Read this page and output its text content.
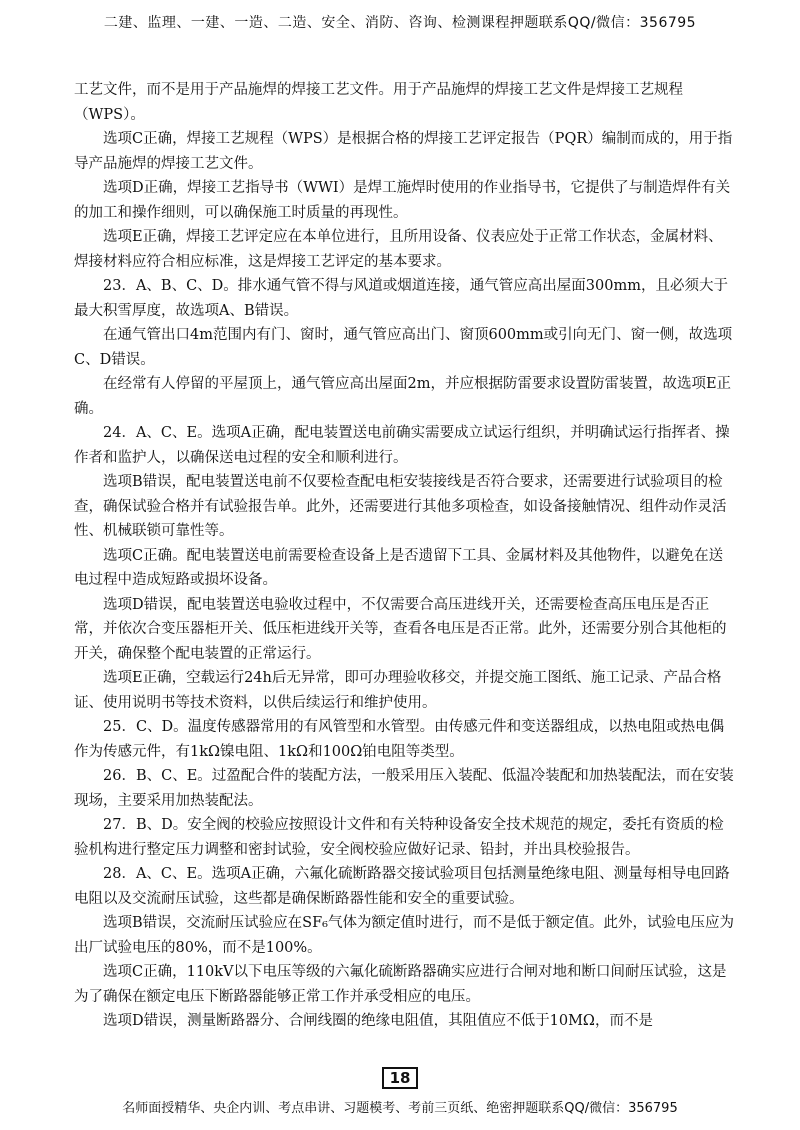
二建、监理、一建、一造、二造、安全、消防、咨询、检测课程押题联系QQ/微信：356795

工艺文件，而不是用于产品施焊的焊接工艺文件。用于产品施焊的焊接工艺文件是焊接工艺规程（WPS）。

选项C正确，焊接工艺规程（WPS）是根据合格的焊接工艺评定报告（PQR）编制而成的，用于指导产品施焊的焊接工艺文件。

选项D正确，焊接工艺指导书（WWI）是焊工施焊时使用的作业指导书，它提供了与制造焊件有关的加工和操作细则，可以确保施工时质量的再现性。

选项E正确，焊接工艺评定应在本单位进行，且所用设备、仪表应处于正常工作状态，金属材料、焊接材料应符合相应标准，这是焊接工艺评定的基本要求。

23．A、B、C、D。排水通气管不得与风道或烟道连接，通气管应高出屋面300mm，且必须大于最大积雪厚度，故选项A、B错误。

在通气管出口4m范围内有门、窗时，通气管应高出门、窗顶600mm或引向无门、窗一侧，故选项C、D错误。

在经常有人停留的平屋顶上，通气管应高出屋面2m，并应根据防雷要求设置防雷装置，故选项E正确。

24．A、C、E。选项A正确，配电装置送电前确实需要成立试运行组织，并明确试运行指挥者、操作者和监护人，以确保送电过程的安全和顺利进行。

选项B错误，配电装置送电前不仅要检查配电柜安装接线是否符合要求，还需要进行试验项目的检查，确保试验合格并有试验报告单。此外，还需要进行其他多项检查，如设备接触情况、组件动作灵活性、机械联锁可靠性等。

选项C正确。配电装置送电前需要检查设备上是否遗留下工具、金属材料及其他物件，以避免在送电过程中造成短路或损坏设备。

选项D错误，配电装置送电验收过程中，不仅需要合高压进线开关，还需要检查高压电压是否正常，并依次合变压器柜开关、低压柜进线开关等，查看各电压是否正常。此外，还需要分别合其他柜的开关，确保整个配电装置的正常运行。

选项E正确，空载运行24h后无异常，即可办理验收移交，并提交施工图纸、施工记录、产品合格证、使用说明书等技术资料，以供后续运行和维护使用。

25．C、D。温度传感器常用的有风管型和水管型。由传感元件和变送器组成，以热电阻或热电偶作为传感元件，有1kΩ镍电阻、1kΩ和100Ω铂电阻等类型。

26．B、C、E。过盈配合件的装配方法，一般采用压入装配、低温冷装配和加热装配法，而在安装现场，主要采用加热装配法。

27．B、D。安全阀的校验应按照设计文件和有关特种设备安全技术规范的规定，委托有资质的检验机构进行整定压力调整和密封试验，安全阀校验应做好记录、铅封，并出具校验报告。

28．A、C、E。选项A正确，六氟化硫断路器交接试验项目包括测量绝缘电阻、测量每相导电回路电阻以及交流耐压试验，这些都是确保断路器性能和安全的重要试验。

选项B错误，交流耐压试验应在SF₆气体为额定值时进行，而不是低于额定值。此外，试验电压应为出厂试验电压的80%，而不是100%。

选项C正确，110kV以下电压等级的六氟化硫断路器确实应进行合闸对地和断口间耐压试验，这是为了确保在额定电压下断路器能够正常工作并承受相应的电压。

选项D错误，测量断路器分、合闸线圈的绝缘电阻值，其阻值应不低于10MΩ，而不是

18
名师面授精华、央企内训、考点串讲、习题模考、考前三页纸、绝密押题联系QQ/微信：356795
